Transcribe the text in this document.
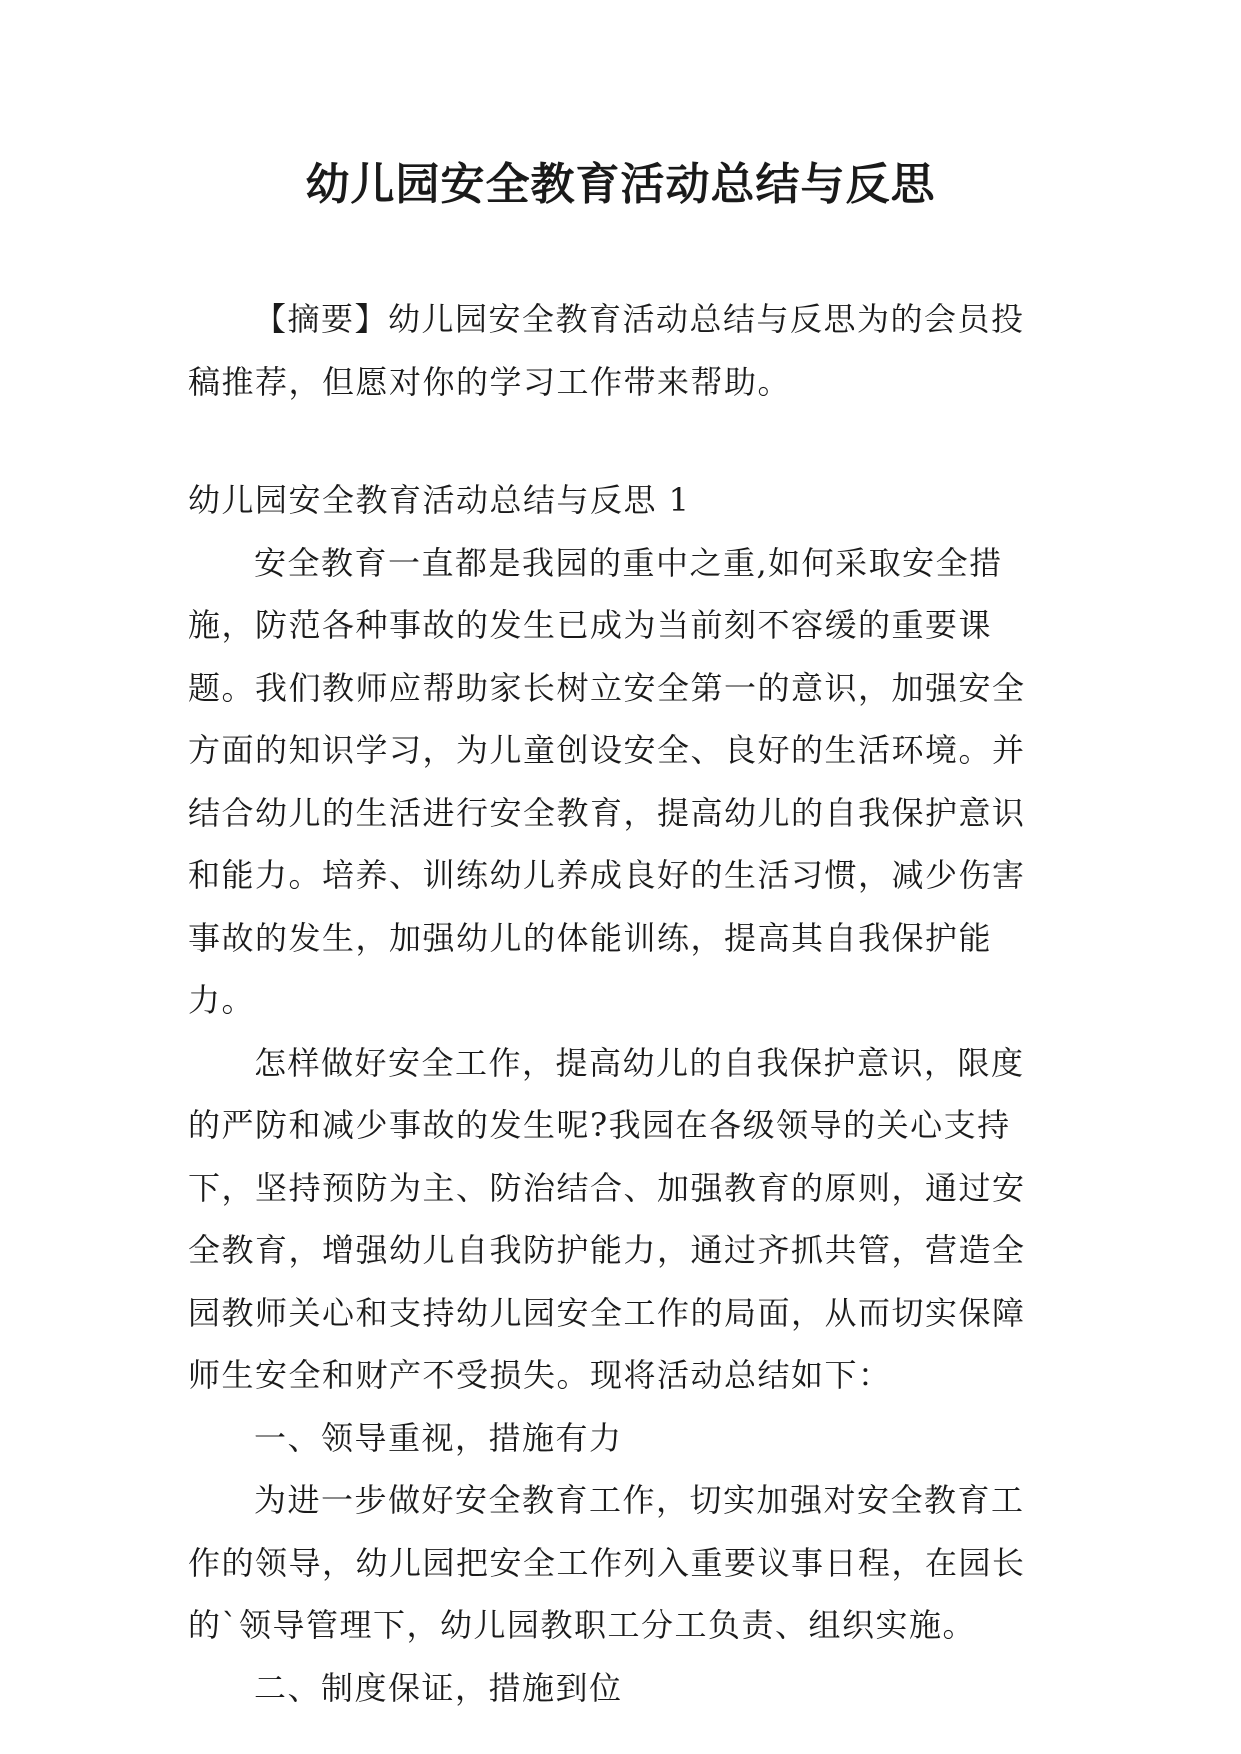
幼儿园安全教育活动总结与反思

【摘要】幼儿园安全教育活动总结与反思为的会员投稿推荐，但愿对你的学习工作带来帮助。

幼儿园安全教育活动总结与反思 1

安全教育一直都是我园的重中之重,如何采取安全措施，防范各种事故的发生已成为当前刻不容缓的重要课题。我们教师应帮助家长树立安全第一的意识，加强安全方面的知识学习，为儿童创设安全、良好的生活环境。并结合幼儿的生活进行安全教育，提高幼儿的自我保护意识和能力。培养、训练幼儿养成良好的生活习惯，减少伤害事故的发生，加强幼儿的体能训练，提高其自我保护能力。

怎样做好安全工作，提高幼儿的自我保护意识，限度的严防和减少事故的发生呢?我园在各级领导的关心支持下，坚持预防为主、防治结合、加强教育的原则，通过安全教育，增强幼儿自我防护能力，通过齐抓共管，营造全园教师关心和支持幼儿园安全工作的局面，从而切实保障师生安全和财产不受损失。现将活动总结如下：

一、领导重视，措施有力

为进一步做好安全教育工作，切实加强对安全教育工作的领导，幼儿园把安全工作列入重要议事日程，在园长的`领导管理下，幼儿园教职工分工负责、组织实施。

二、制度保证，措施到位
